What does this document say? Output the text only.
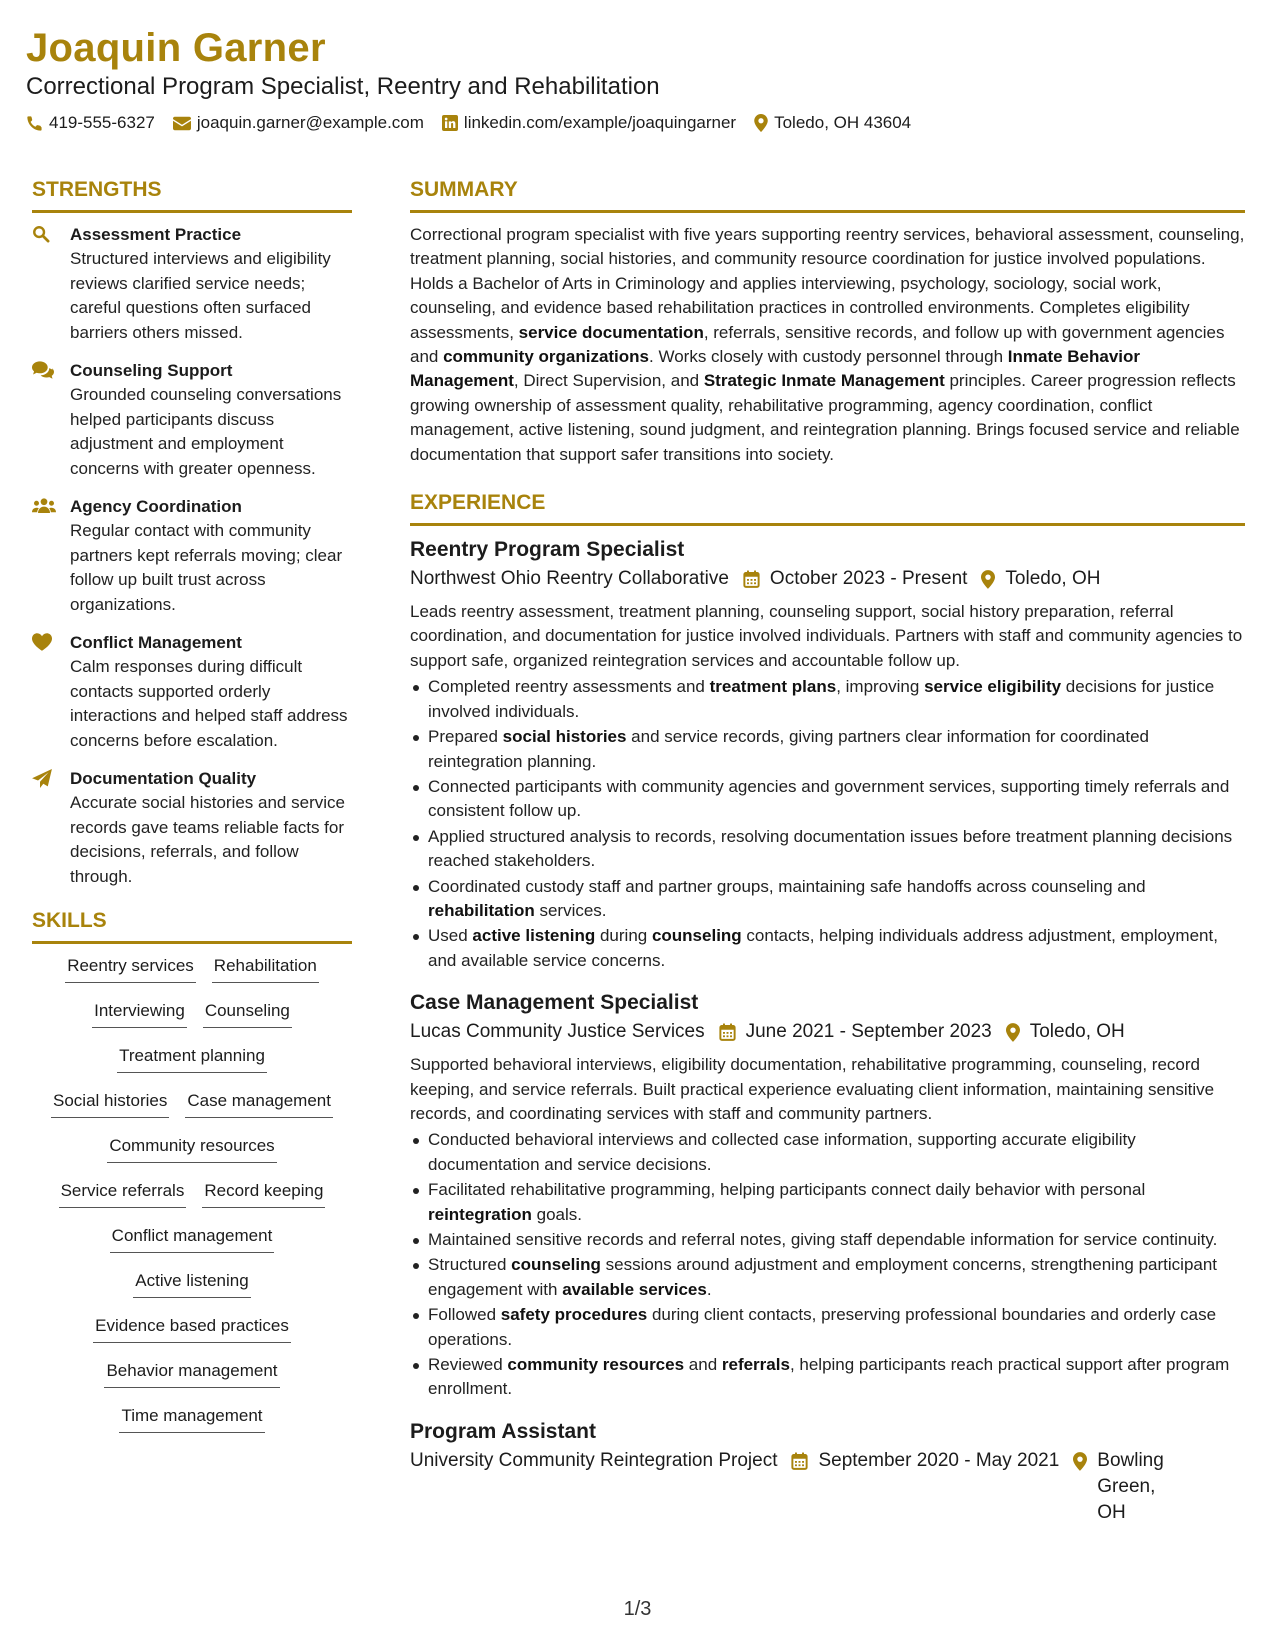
Joaquin Garner
Correctional Program Specialist, Reentry and Rehabilitation
419-555-6327 joaquin.garner@example.com linkedin.com/example/joaquingarner Toledo, OH 43604
STRENGTHS
Assessment Practice
Structured interviews and eligibility reviews clarified service needs; careful questions often surfaced barriers others missed.
Counseling Support
Grounded counseling conversations helped participants discuss adjustment and employment concerns with greater openness.
Agency Coordination
Regular contact with community partners kept referrals moving; clear follow up built trust across organizations.
Conflict Management
Calm responses during difficult contacts supported orderly interactions and helped staff address concerns before escalation.
Documentation Quality
Accurate social histories and service records gave teams reliable facts for decisions, referrals, and follow through.
SKILLS
Reentry services Rehabilitation
Interviewing Counseling
Treatment planning
Social histories Case management
Community resources
Service referrals Record keeping
Conflict management
Active listening
Evidence based practices
Behavior management
Time management
SUMMARY
Correctional program specialist with five years supporting reentry services, behavioral assessment, counseling, treatment planning, social histories, and community resource coordination for justice involved populations. Holds a Bachelor of Arts in Criminology and applies interviewing, psychology, sociology, social work, counseling, and evidence based rehabilitation practices in controlled environments. Completes eligibility assessments, service documentation, referrals, sensitive records, and follow up with government agencies and community organizations. Works closely with custody personnel through Inmate Behavior Management, Direct Supervision, and Strategic Inmate Management principles. Career progression reflects growing ownership of assessment quality, rehabilitative programming, agency coordination, conflict management, active listening, sound judgment, and reintegration planning. Brings focused service and reliable documentation that support safer transitions into society.
EXPERIENCE
Reentry Program Specialist
Northwest Ohio Reentry Collaborative October 2023 - Present Toledo, OH
Leads reentry assessment, treatment planning, counseling support, social history preparation, referral coordination, and documentation for justice involved individuals. Partners with staff and community agencies to support safe, organized reintegration services and accountable follow up.
Completed reentry assessments and treatment plans, improving service eligibility decisions for justice involved individuals.
Prepared social histories and service records, giving partners clear information for coordinated reintegration planning.
Connected participants with community agencies and government services, supporting timely referrals and consistent follow up.
Applied structured analysis to records, resolving documentation issues before treatment planning decisions reached stakeholders.
Coordinated custody staff and partner groups, maintaining safe handoffs across counseling and rehabilitation services.
Used active listening during counseling contacts, helping individuals address adjustment, employment, and available service concerns.
Case Management Specialist
Lucas Community Justice Services June 2021 - September 2023 Toledo, OH
Supported behavioral interviews, eligibility documentation, rehabilitative programming, counseling, record keeping, and service referrals. Built practical experience evaluating client information, maintaining sensitive records, and coordinating services with staff and community partners.
Conducted behavioral interviews and collected case information, supporting accurate eligibility documentation and service decisions.
Facilitated rehabilitative programming, helping participants connect daily behavior with personal reintegration goals.
Maintained sensitive records and referral notes, giving staff dependable information for service continuity.
Structured counseling sessions around adjustment and employment concerns, strengthening participant engagement with available services.
Followed safety procedures during client contacts, preserving professional boundaries and orderly case operations.
Reviewed community resources and referrals, helping participants reach practical support after program enrollment.
Program Assistant
University Community Reintegration Project September 2020 - May 2021 Bowling Green, OH
1/3
